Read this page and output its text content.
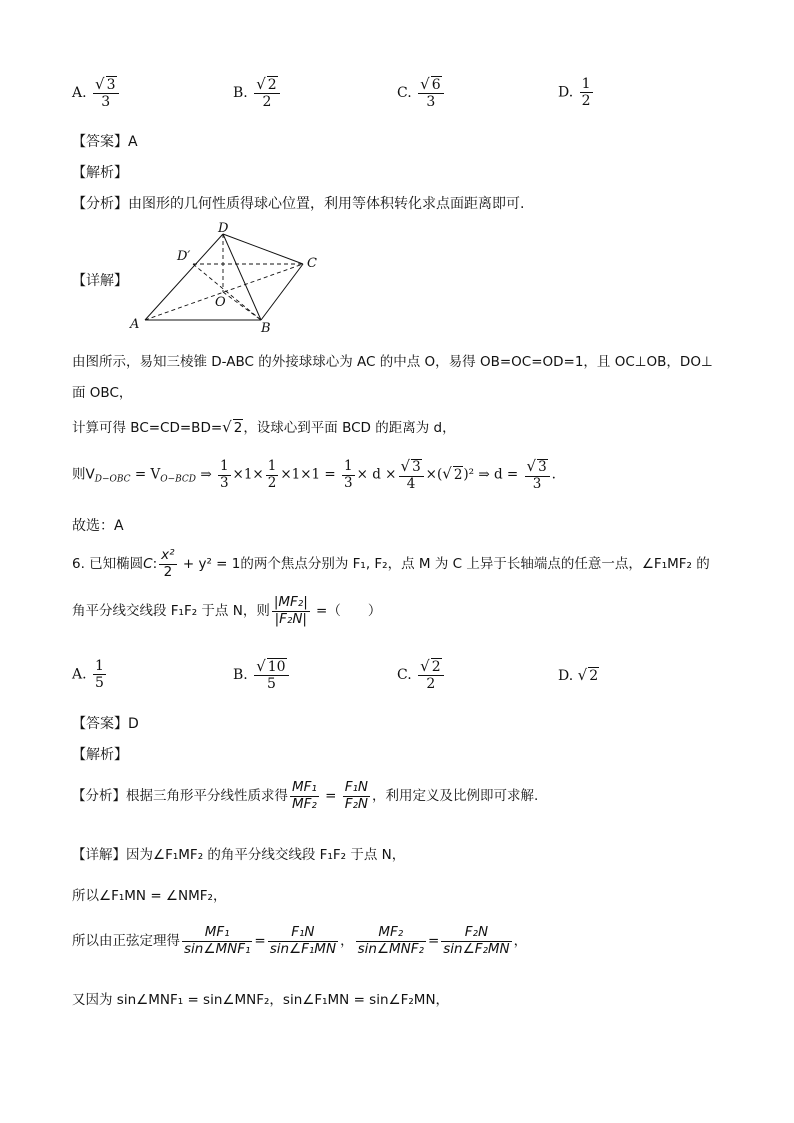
A. $\frac{√ 3}{3}$	B. $\frac{√ 2}{2}$	C. $\frac{√ 6}{3}$	D. $\frac{1}{2}$
【答案】A
【解析】
【分析】由图形的几何性质得球心位置，利用等体积转化求点面距离即可.
【详解】
D
D′	C
O
A	B
由图所示，易知三棱锥 D-ABC 的外接球球心为 AC 的中点 O，易得 OB=OC=OD=1，且 OC⊥OB，DO⊥
面 OBC，
计算可得 BC=CD=BD=√ 2，设球心到平面 BCD 的距离为 d，
则$V_{D-OBC} = V_{O-BCD}$ ⇒ $\frac{1}{3} \times 1\times \frac{1}{2} \times 1\times 1 = \frac{1}{3} \times d \times \frac{√ 3}{4}$ ×(√ 2)² ⇒ $d = \frac{√ 3}{3}$ .
故选：A
6. 已知椭圆C: $\frac{\text{x²}}{2} + y^2 = 1$的两个焦点分别为 F₁, F₂，点 M 为 C 上异于长轴端点的任意一点，∠F₁MF₂ 的
角平分线交线段 F₁F₂ 于点 N，则 $\frac{\text{|MF₂|}}{\text{|F₂N|}}$ =（　　）
A. $\frac{1}{5}$	B. $\frac{√ 10}{5}$	C. $\frac{√ 2}{2}$	D. √ 2
【答案】D
【解析】
【分析】根据三角形平分线性质求得 $\frac{\text{MF₁}}{\text{MF₂}} = \frac{\text{F₁N}}{\text{F₂N}}$ ，利用定义及比例即可求解.
【详解】因为∠F₁MF₂ 的角平分线交线段 F₁F₂ 于点 N，
所以∠F₁MN = ∠NMF₂，
所以由正弦定理得 $\frac{\text{MF₁}}{\text{sin∠MNF₁}} = \frac{\text{F₁N}}{\text{sin∠F₁MN}}$ ， $\frac{\text{MF₂}}{\text{sin∠MNF₂}} = \frac{\text{F₂N}}{\text{sin∠F₂MN}}$ ，
又因为 sin∠MNF₁ = sin∠MNF₂，sin∠F₁MN = sin∠F₂MN，
